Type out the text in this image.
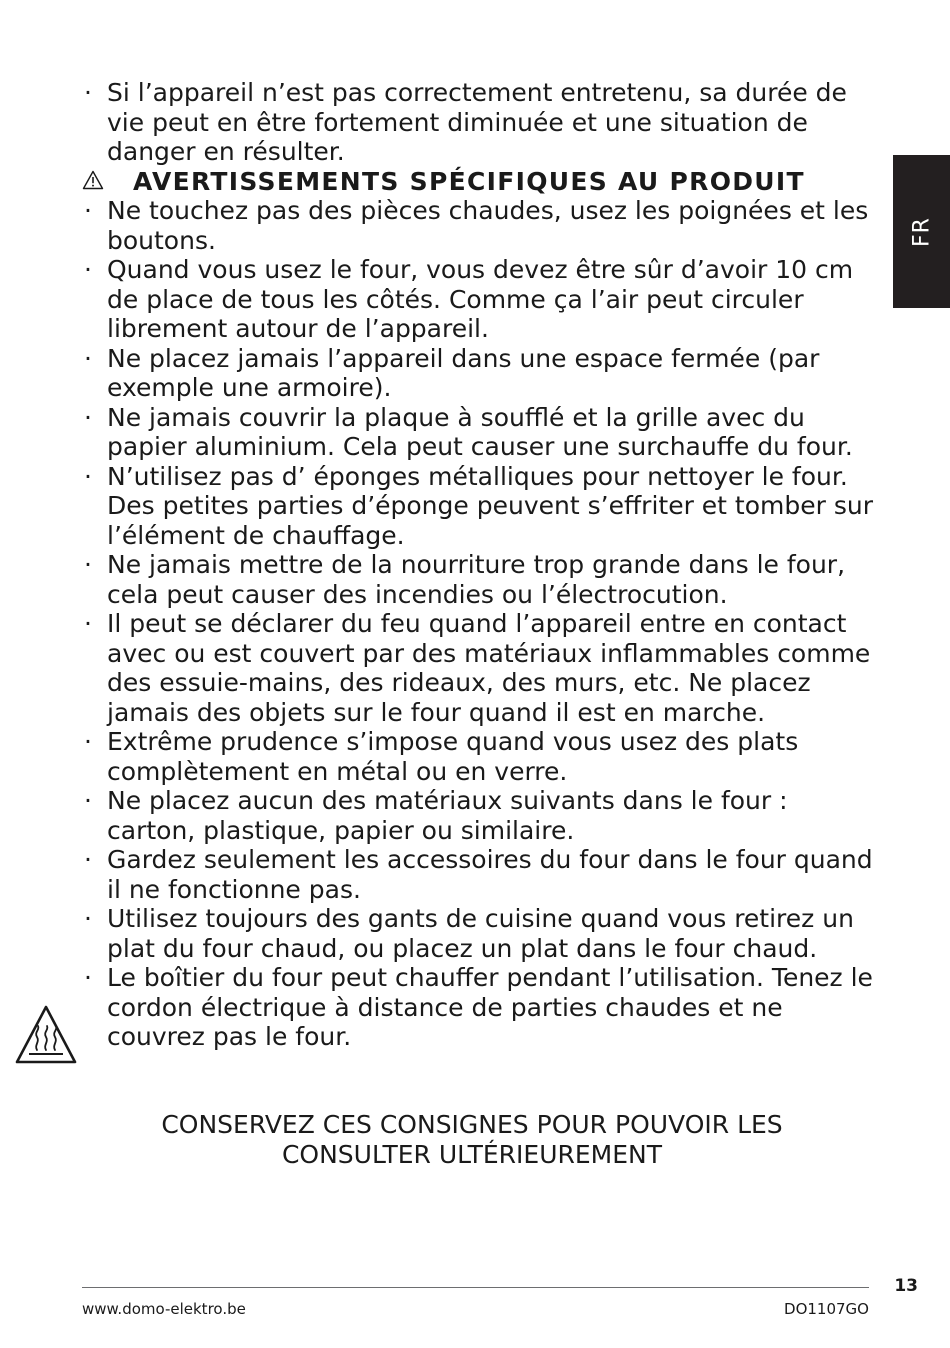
· Si l’appareil n’est pas correctement entretenu, sa durée de vie peut en être fortement diminuée et une situation de danger en résulter.
AVERTISSEMENTS SPÉCIFIQUES AU PRODUIT
· Ne touchez pas des pièces chaudes, usez les poignées et les boutons.
· Quand vous usez le four, vous devez être sûr d’avoir 10 cm de place de tous les côtés. Comme ça l’air peut circuler librement autour de l’appareil.
· Ne placez jamais l’appareil dans une espace fermée (par exemple une armoire).
· Ne jamais couvrir la plaque à soufflé et la grille avec du papier aluminium. Cela peut causer une surchauffe du four.
· N’utilisez pas d’ éponges métalliques pour nettoyer le four. Des petites parties d’éponge peuvent s’effriter et tomber sur l’élément de chauffage.
· Ne jamais mettre de la nourriture trop grande dans le four, cela peut causer des incendies ou l’électrocution.
· Il peut se déclarer du feu quand l’appareil entre en contact avec ou est couvert par des matériaux inflammables comme des essuie-mains, des rideaux, des murs, etc. Ne placez jamais des objets sur le four quand il est en marche.
· Extrême prudence s’impose quand vous usez des plats complètement en métal ou en verre.
· Ne placez aucun des matériaux suivants dans le four : carton, plastique, papier ou similaire.
· Gardez seulement les accessoires du four dans le four quand il ne fonctionne pas.
· Utilisez toujours des gants de cuisine quand vous retirez un plat du four chaud, ou placez un plat dans le four chaud.
· Le boîtier du four peut chauffer pendant l’utilisation. Tenez le cordon électrique à distance de parties chaudes et ne couvrez pas le four.
CONSERVEZ CES CONSIGNES POUR POUVOIR LES
CONSULTER ULTÉRIEUREMENT
FR
13
www.domo-elektro.be	DO1107GO
